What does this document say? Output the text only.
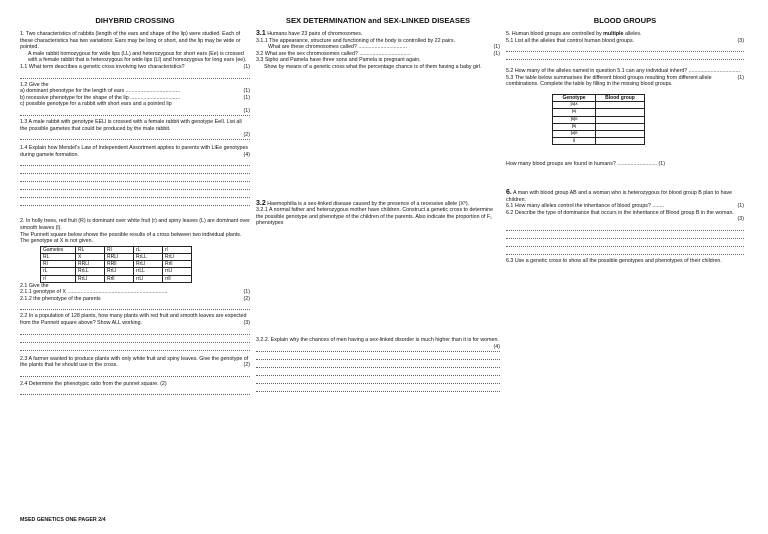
DIHYBRID CROSSING

1. Two characteristics of rabbits (length of the ears and shape of the lip) were studied. Each of these characteristics has two variations: Ears may be long or short, and the lip may be wide or pointed.

A male rabbit homozygous for wide lips (LL) and heterozygous for short ears (Ee) is crossed with a female rabbit that is heterozygous for wide lips (Ll) and homozygous for long ears (ee).

1.1 What term describes a genetic cross involving two characteristics?	(1)

1.2 Give the

a) dominant phenotype for the length of ears .....................................	(1)

b) recessive phenotype for the shape of the lip ..................................	(1)

c) possible genotype for a rabbit with short ears and a pointed lip

(1)

1.3 A male rabbit with genotype EELl is crossed with a female rabbit with genotype EeIl. List all the possible gametes that could be produced by the male rabbit.

(2)

1.4 Explain how Mendel's Law of Independent Assortment applies to parents with LlEe genotypes during gamete formation.	(4)

2. In holly trees, red fruit (R) is dominant over white fruit (r) and spiny leaves (L) are dominant over smooth leaves (l).

The Punnett square below shows the possible results of a cross between two individual plants. The genotype at X is not given.

Gametes	RL	Rl	rL	rl
RL	X	RRLl	RrLL	RrLl
Rl	RRLl	RRll	RrLl	Rrll
rL	RrLL	RrLl	rrLL	rrLl
rl	RrLl	Rrll	rrLl	rrll

2.1 Give the

2.1.1 genotype of X ....................................................................	(1)

2.1.2 the phenotype of the parents	(2)

2.2 In a population of 128 plants, how many plants with red fruit and smooth leaves are expected from the Punnett square above? Show ALL working.	(3)

2.3 A farmer wanted to produce plants with only white fruit and spiny leaves. Give the genotype of the plants that he should use in the cross.	(2)

2.4 Determine the phenotypic ratio from the punnet square. (2)

SEX DETERMINATION and SEX-LINKED DISEASES

3.1 Humans have 23 pairs of chromosomes.

3.1.1 The appearance, structure and functioning of the body is controlled by 22 pairs.

What are these chromosomes called? .................................	(1)

3.2 What are the sex chromosomes called? ...................................	(1)

3.3 Sipho and Pamela have three sons and Pamela is pregnant again.

Show by means of a genetic cross what the percentage chance is of them having a baby girl.

3.2 Haemophilia is a sex-linked disease caused by the presence of a recessive allele (Xʰ).

3.2.1 A normal father and heterozygous mother have children. Construct a genetic cross to determine the possible genotype and phenotype of the children of the parents. Also indicate the proportion of F₁ phenotypes

3.2.2. Explain why the chances of men having a sex-linked disorder is much higher than it is for women.
(4)

BLOOD GROUPS

5. Human blood groups are controlled by multiple alleles.

5.1 List all the alleles that control human blood groups.	(3)

5.2 How many of the alleles named in question 5.1 can any individual inherit? ...................................
(1)

5.3 The table below summarises the different blood groups resulting from different allele combinations. Complete the table by filling in the missing blood groups.

Genotype	Blood group
IᴬIᴬ	
Iᴬi	
IᴮIᴮ	
Iᴮi	
IᴬIᴮ	
ii	

How many blood groups are found in humans? ........................... (1)

6. A man with blood group AB and a woman who is heterozygous for blood group B plan to have children.

6.1 How many alleles control the inheritance of blood groups? ........	(1)

6.2 Describe the type of dominance that occurs in the inheritance of Blood group B in the woman.

(3)

6.3 Use a genetic cross to show all the possible genotypes and phenotypes of their children.

MSED GENETICS ONE PAGER 2/4
